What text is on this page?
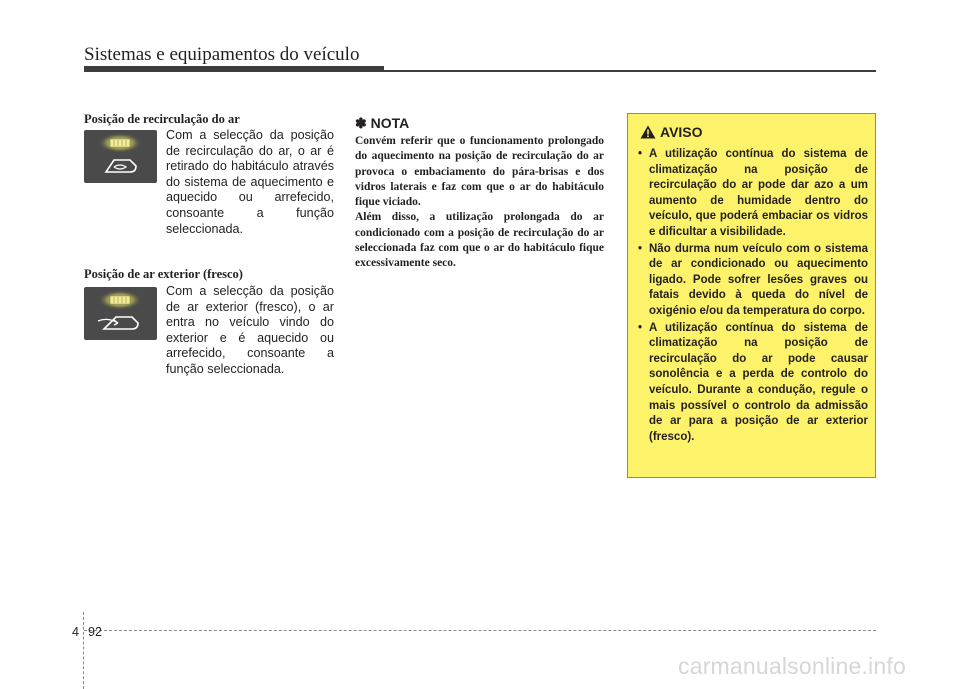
Sistemas e equipamentos do veículo
Posição de recirculação do ar
Com a selecção da posição de recirculação do ar, o ar é retirado do habitáculo através do sistema de aquecimento e aquecido ou arrefecido, consoante a função seleccionada.
Posição de ar exterior (fresco)
Com a selecção da posição de ar exterior (fresco), o ar entra no veículo vindo do exterior e é aquecido ou arrefecido, consoante a função seleccionada.
✽ NOTA

Convém referir que o funcionamento prolongado do aquecimento na posição de recirculação do ar provoca o embaciamento do pára-brisas e dos vidros laterais e faz com que o ar do habitáculo fique viciado.

Além disso, a utilização prolongada do ar condicionado com a posição de recirculação do ar seleccionada faz com que o ar do habitáculo fique excessivamente seco.

AVISO
• A utilização contínua do sistema de climatização na posição de recirculação do ar pode dar azo a um aumento de humidade dentro do veículo, que poderá embaciar os vidros e dificultar a visibilidade.
• Não durma num veículo com o sistema de ar condicionado ou aquecimento ligado. Pode sofrer lesões graves ou fatais devido à queda do nível de oxigénio e/ou da temperatura do corpo.
• A utilização contínua do sistema de climatização na posição de recirculação do ar pode causar sonolência e a perda de controlo do veículo. Durante a condução, regule o mais possível o controlo da admissão de ar para a posição de ar exterior (fresco).
4 92
carmanualsonline.info
